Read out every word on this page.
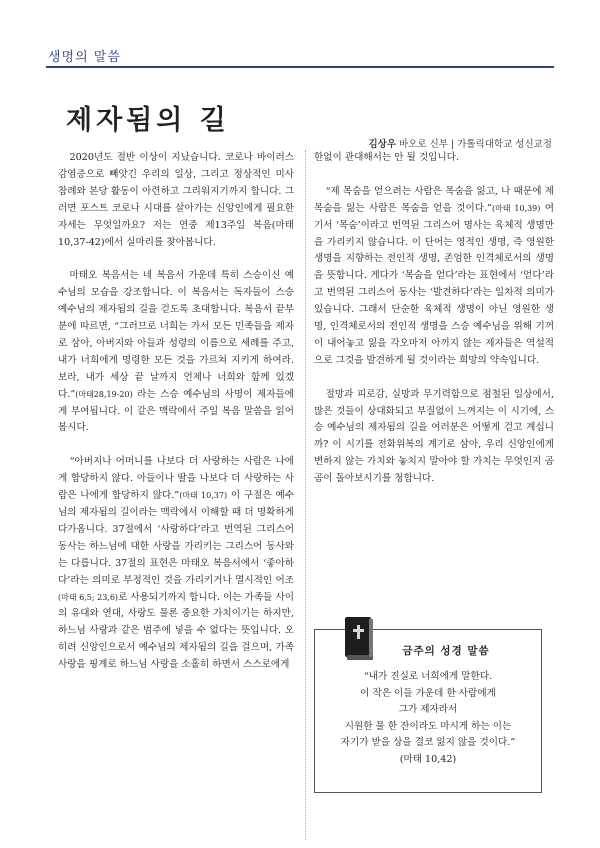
생명의 말씀
제자됨의 길
김상우 바오로 신부 | 가톨릭대학교 성신교정

2020년도 절반 이상이 지났습니다. 코로나 바이러스 감염증으로 빼앗긴 우리의 일상, 그리고 정상적인 미사 참례와 본당 활동이 아련하고 그리워지기까지 합니다. 그러면 포스트 코로나 시대를 살아가는 신앙인에게 필요한 자세는 무엇일까요? 저는 연중 제13주일 복음(마태 10,37-42)에서 실마리를 찾아봅니다.

마태오 복음서는 네 복음서 가운데 특히 스승이신 예수님의 모습을 강조합니다. 이 복음서는 독자들이 스승 예수님의 제자됨의 길을 걷도록 초대합니다. 복음서 끝부분에 따르면, “그러므로 너희는 가서 모든 민족들을 제자로 삼아, 아버지와 아들과 성령의 이름으로 세례를 주고, 내가 너희에게 명령한 모든 것을 가르쳐 지키게 하여라. 보라, 내가 세상 끝 날까지 언제나 너희와 함께 있겠다.”(마태28,19-20) 라는 스승 예수님의 사명이 제자들에게 부여됩니다. 이 같은 맥락에서 주일 복음 말씀을 읽어봅시다.

“아버지나 어머니를 나보다 더 사랑하는 사람은 나에게 합당하지 않다. 아들이나 딸을 나보다 더 사랑하는 사람은 나에게 합당하지 않다.”(마태 10,37) 이 구절은 예수님의 제자됨의 길이라는 맥락에서 이해할 때 더 명확하게 다가옵니다. 37절에서 ‘사랑하다’라고 번역된 그리스어 동사는 하느님에 대한 사랑을 가리키는 그리스어 동사와는 다릅니다. 37절의 표현은 마태오 복음서에서 ‘좋아하다’라는 의미로 부정적인 것을 가리키거나 멸시적인 어조(마태 6,5; 23,6)로 사용되기까지 합니다. 이는 가족들 사이의 유대와 연대, 사랑도 물론 중요한 가치이기는 하지만, 하느님 사랑과 같은 범주에 넣을 수 없다는 뜻입니다. 오히려 신앙인으로서 예수님의 제자됨의 길을 걸으며, 가족 사랑을 핑계로 하느님 사랑을 소홀히 하면서 스스로에게

한없이 관대해서는 안 될 것입니다.

“제 목숨을 얻으려는 사람은 목숨을 잃고, 나 때문에 제 목숨을 잃는 사람은 목숨을 얻을 것이다.”(마태 10,39) 여기서 ‘목숨’이라고 번역된 그리스어 명사는 육체적 생명만을 가리키지 않습니다. 이 단어는 영적인 생명, 즉 영원한 생명을 지향하는 전인적 생명, 존엄한 인격체로서의 생명을 뜻합니다. 게다가 ‘목숨을 얻다’라는 표현에서 ‘얻다’라고 번역된 그리스어 동사는 ‘발견하다’라는 일차적 의미가 있습니다. 그래서 단순한 육체적 생명이 아닌 영원한 생명, 인격체로서의 전인적 생명을 스승 예수님을 위해 기꺼이 내어놓고 잃을 각오마저 아끼지 않는 제자들은 역설적으로 그것을 발견하게 될 것이라는 희망의 약속입니다.

절망과 피로감, 실망과 무기력함으로 점철된 일상에서, 많은 것들이 상대화되고 부질없이 느껴지는 이 시기에, 스승 예수님의 제자됨의 길을 여러분은 어떻게 걷고 계십니까? 이 시기를 전화위복의 계기로 삼아, 우리 신앙인에게 변하지 않는 가치와 놓치지 말아야 할 가치는 무엇인지 곰곰이 돌아보시기를 청합니다.

금주의 성경 말씀
“내가 진실로 너희에게 말한다.
이 작은 이들 가운데 한 사람에게
그가 제자라서
시원한 물 한 잔이라도 마시게 하는 이는
자기가 받을 상을 결코 잃지 않을 것이다.”
(마태 10,42)
